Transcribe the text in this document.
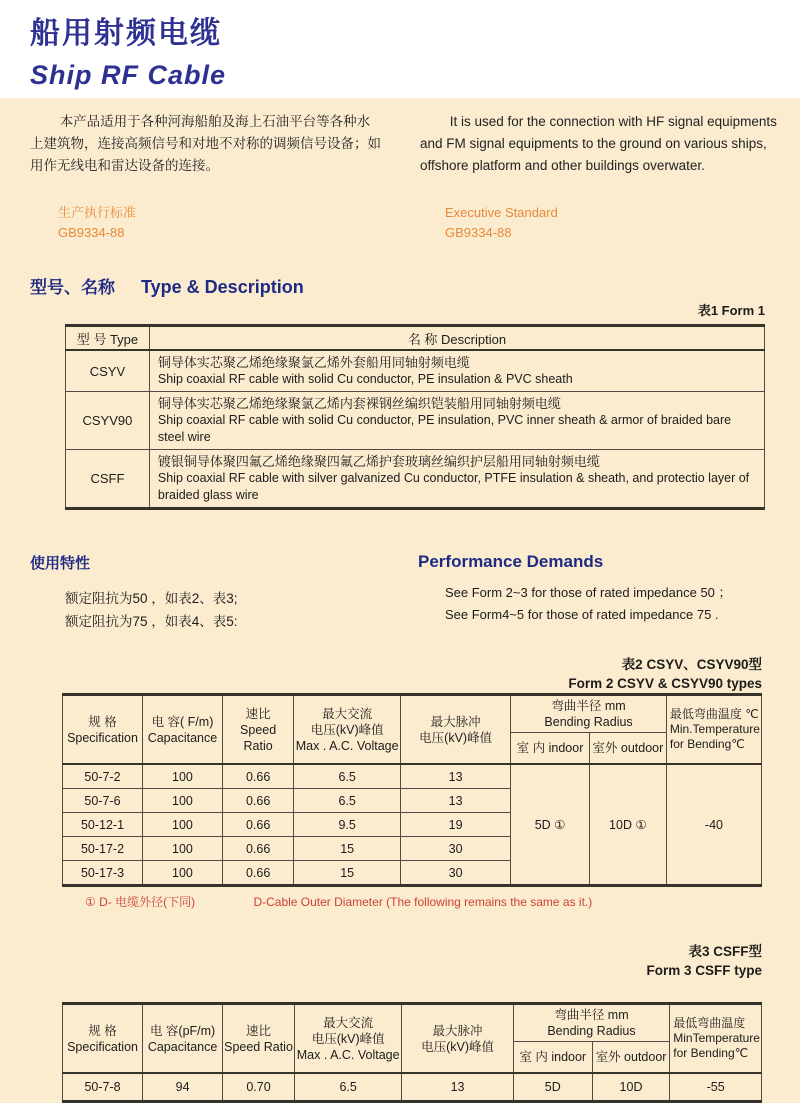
船用射频电缆
Ship RF Cable

本产品适用于各种河海船舶及海上石油平台等各种水上建筑物，连接高频信号和对地不对称的调频信号设备；如用作无线电和雷达设备的连接。

生产执行标准
GB9334-88

It is used for the connection with HF signal equipments and FM signal equipments to the ground on various ships, offshore platform and other buildings overwater.

Executive Standard
GB9334-88
型号、名称 Type & Description
表1 Form 1
型 号 Type	名 称 Description
CSYV	铜导体实芯聚乙烯绝缘聚氯乙烯外套船用同轴射频电缆
Ship coaxial RF cable with solid Cu conductor, PE insulation & PVC sheath

CSYV90	铜导体实芯聚乙烯绝缘聚氯乙烯内套裸钢丝编织铠装船用同轴射频电缆
Ship coaxial RF cable with solid Cu conductor, PE insulation, PVC inner sheath & armor of braided bare steel wire

CSFF	镀银铜导体聚四氟乙烯绝缘聚四氟乙烯护套玻璃丝编织护层船用同轴射频电缆
Ship coaxial RF cable with silver galvanized Cu conductor, PTFE insulation & sheath, and protectio layer of braided glass wire

使用特性

额定阻抗为50 ，如表2、表3;
额定阻抗为75 ，如表4、表5:

Performance Demands

See Form 2~3 for those of rated impedance 50 ；
See Form4~5 for those of rated impedance 75 .
表2 CSYV、CSYV90型
Form 2 CSYV & CSYV90 types
规 格
Specification

电 容( F/m)
Capacitance

速比
Speed Ratio

最大交流
电压(kV)峰值
Max . A.C. Voltage

最大脉冲
电压(kV)峰值

弯曲半径 mm
Bending Radius

最低弯曲温度 ℃
Min.Temperature
for Bending℃

					室 内 indoor	室外 outdoor	
50-7-2	100	0.66	6.5	13	5D ①	10D ①	-40
50-7-6	100	0.66	6.5	13			
50-12-1	100	0.66	9.5	19			
50-17-2	100	0.66	15	30			
50-17-3	100	0.66	15	30			

① D- 电缆外径(下同)	D-Cable Outer Diameter (The following remains the same as it.)

表3 CSFF型
Form 3 CSFF type
规 格
Specification

电 容(pF/m)
Capacitance

速比
Speed Ratio

最大交流
电压(kV)峰值
Max . A.C. Voltage

最大脉冲
电压(kV)峰值

弯曲半径 mm
Bending Radius

最低弯曲温度
MinTemperature
for Bending℃

					室 内 indoor	室外 outdoor	
50-7-8	94	0.70	6.5	13	5D	10D	-55
